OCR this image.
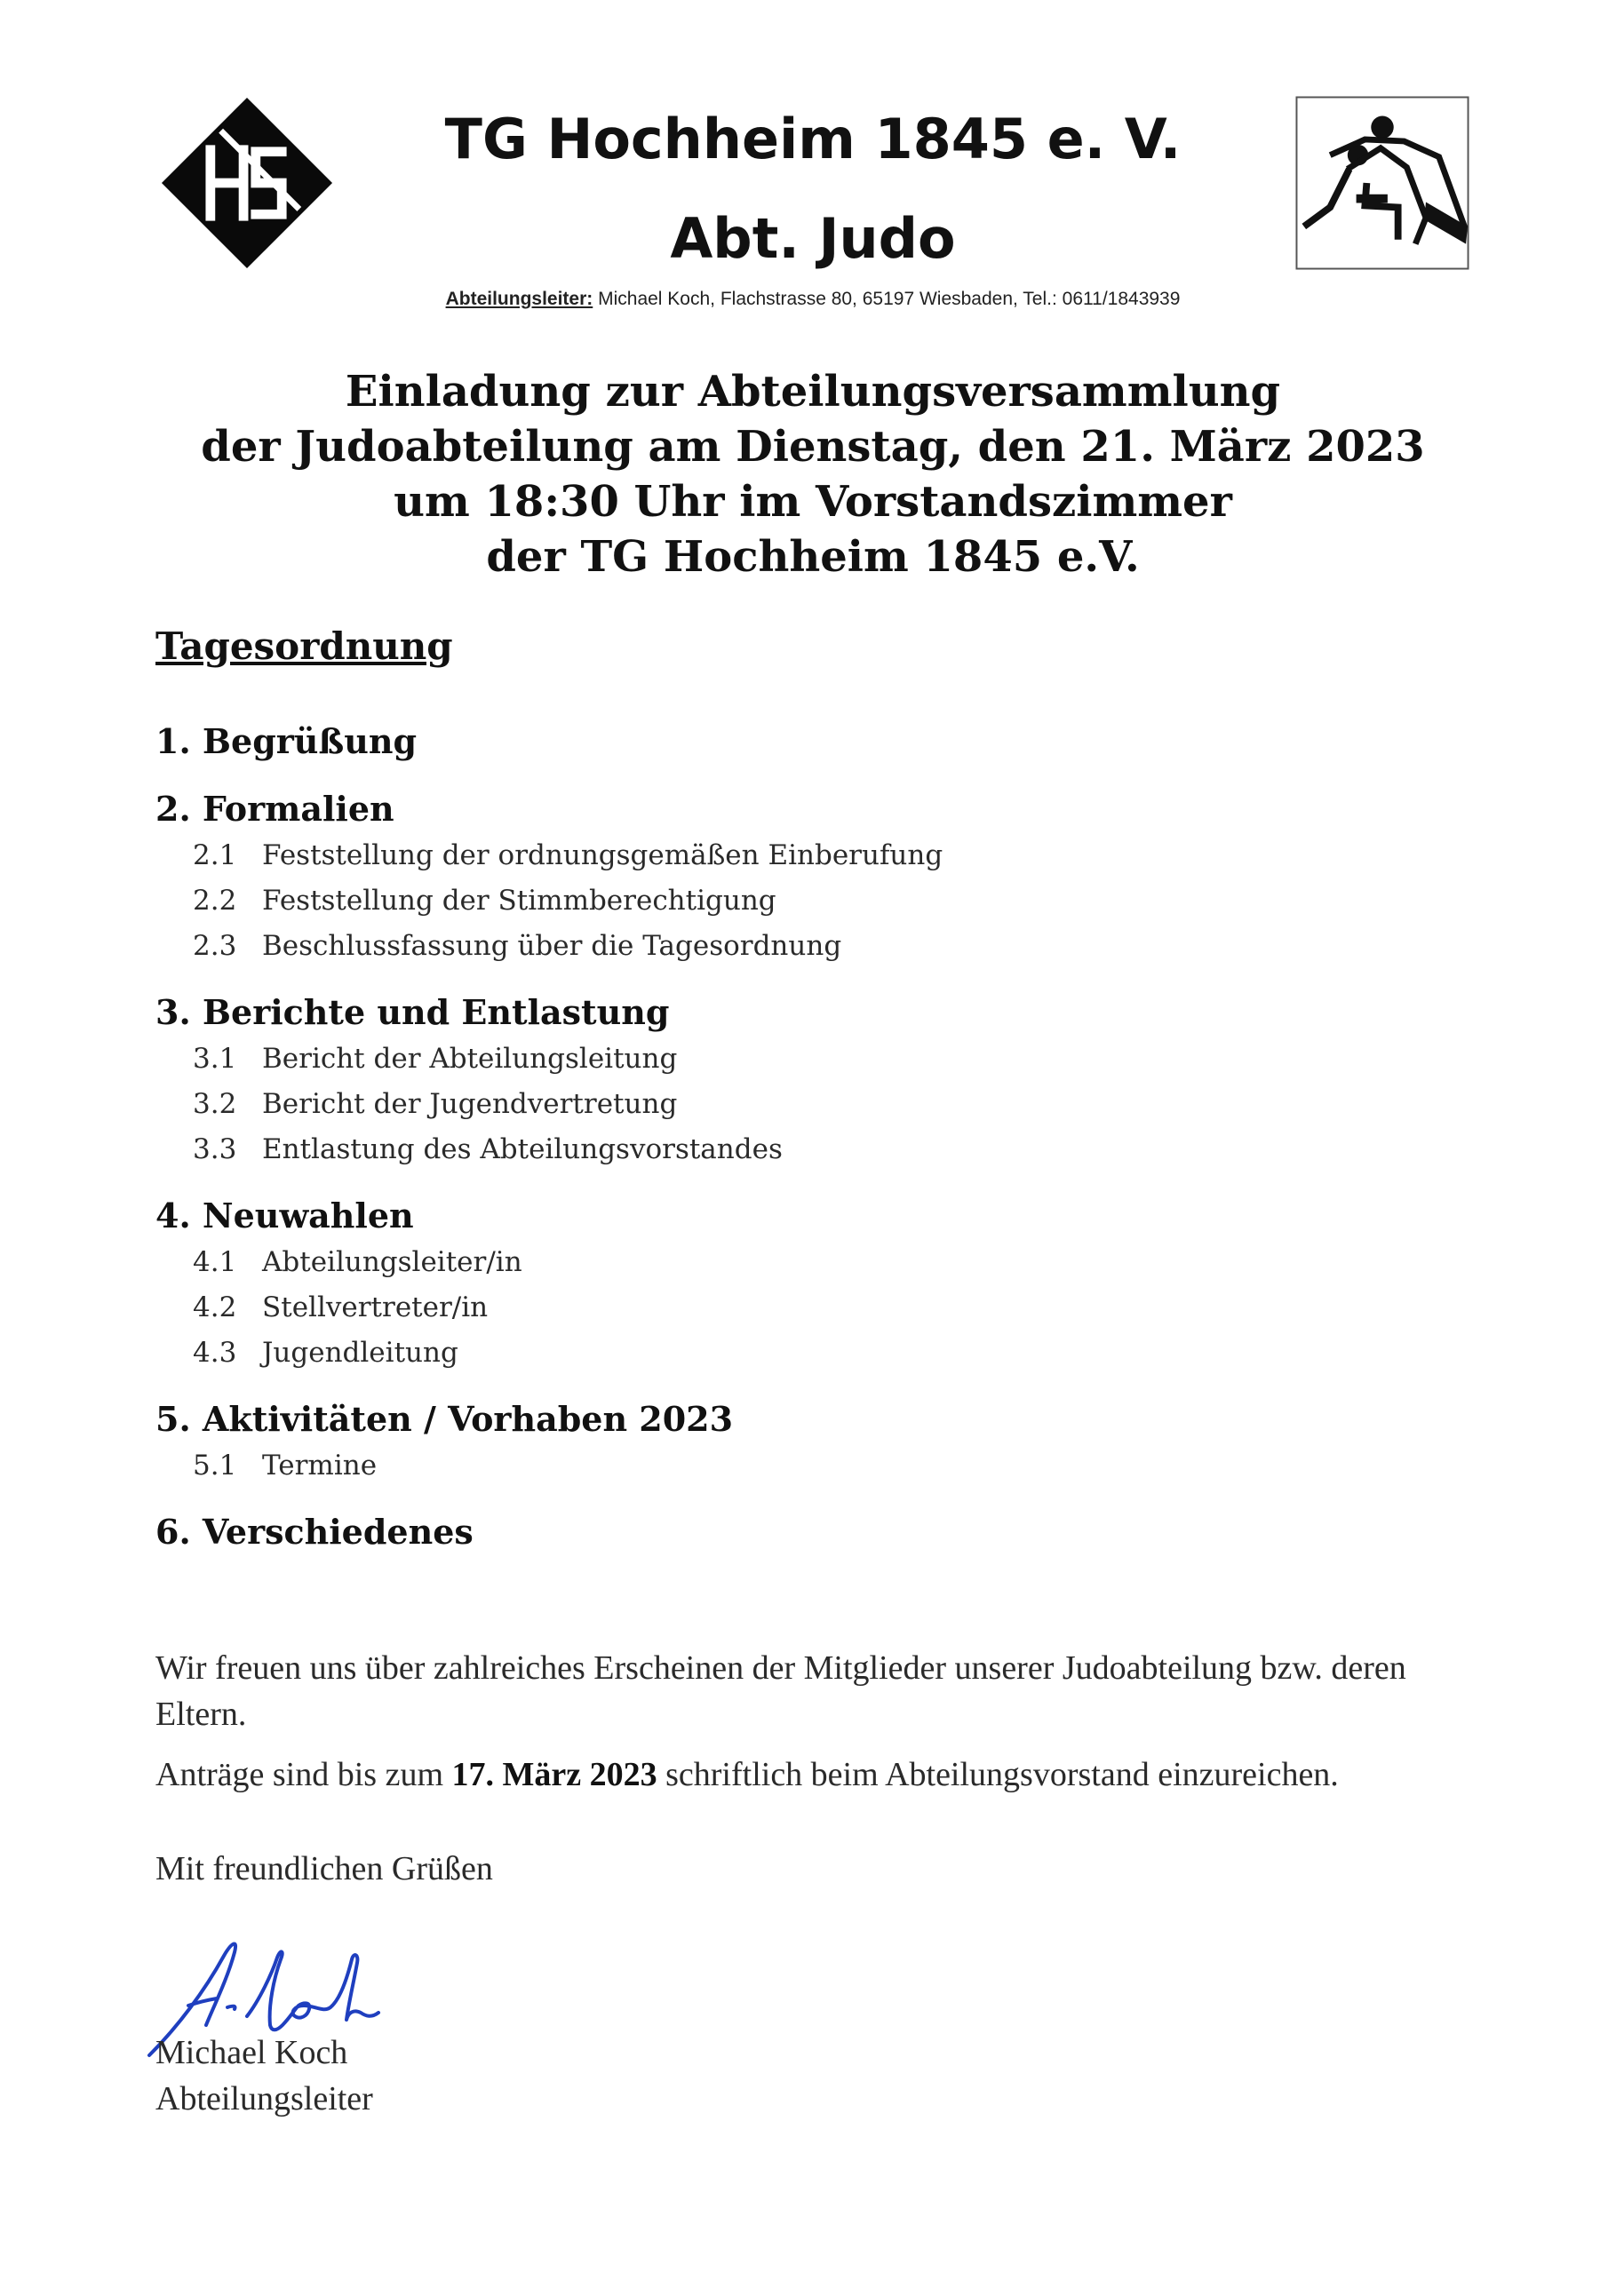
TG Hochheim 1845 e. V.
Abt. Judo
Abteilungsleiter: Michael Koch, Flachstrasse 80, 65197 Wiesbaden, Tel.: 0611/1843939
Einladung zur Abteilungsversammlung
der Judoabteilung am Dienstag, den 21. März 2023
um 18:30 Uhr im Vorstandszimmer
der TG Hochheim 1845 e.V.
Tagesordnung
1. Begrüßung
2. Formalien
2.1 Feststellung der ordnungsgemäßen Einberufung
2.2 Feststellung der Stimmberechtigung
2.3 Beschlussfassung über die Tagesordnung
3. Berichte und Entlastung
3.1 Bericht der Abteilungsleitung
3.2 Bericht der Jugendvertretung
3.3 Entlastung des Abteilungsvorstandes
4. Neuwahlen
4.1 Abteilungsleiter/in
4.2 Stellvertreter/in
4.3 Jugendleitung
5. Aktivitäten / Vorhaben 2023
5.1 Termine
6. Verschiedenes

Wir freuen uns über zahlreiches Erscheinen der Mitglieder unserer Judoabteilung bzw. deren Eltern.

Anträge sind bis zum 17. März 2023 schriftlich beim Abteilungsvorstand einzureichen.

Mit freundlichen Grüßen
Michael Koch
Abteilungsleiter
